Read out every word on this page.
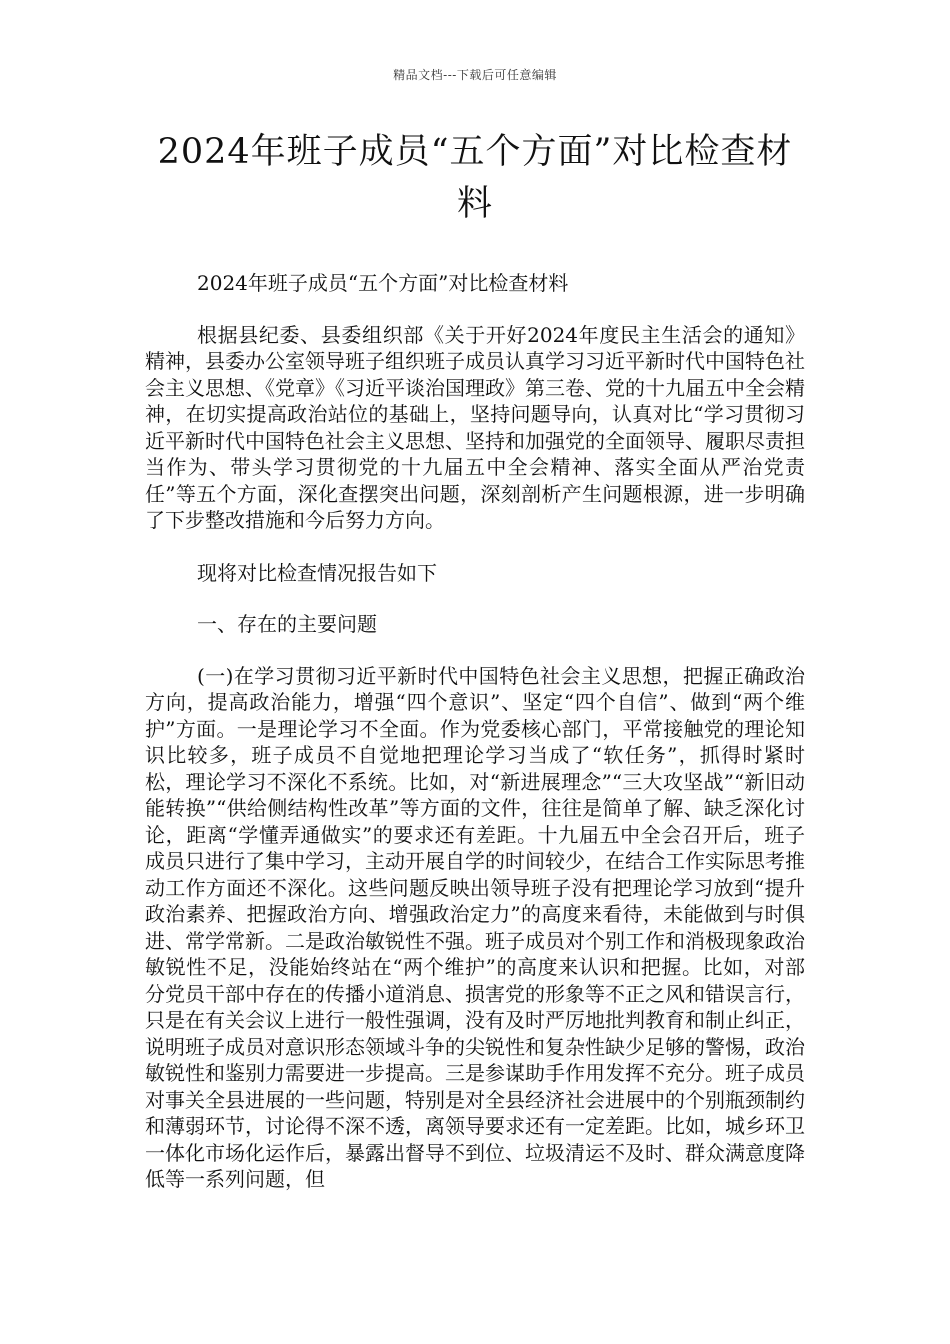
精品文档---下载后可任意编辑
2024年班子成员“五个方面”对比检查材料

2024年班子成员“五个方面”对比检查材料

根据县纪委、县委组织部《关于开好2024年度民主生活会的通知》精神，县委办公室领导班子组织班子成员认真学习习近平新时代中国特色社会主义思想、《党章》《习近平谈治国理政》第三卷、党的十九届五中全会精神，在切实提高政治站位的基础上，坚持问题导向，认真对比“学习贯彻习近平新时代中国特色社会主义思想、坚持和加强党的全面领导、履职尽责担当作为、带头学习贯彻党的十九届五中全会精神、落实全面从严治党责任”等五个方面，深化查摆突出问题，深刻剖析产生问题根源，进一步明确了下步整改措施和今后努力方向。

现将对比检查情况报告如下

一、存在的主要问题

(一)在学习贯彻习近平新时代中国特色社会主义思想，把握正确政治方向，提高政治能力，增强“四个意识”、坚定“四个自信”、做到“两个维护”方面。一是理论学习不全面。作为党委核心部门，平常接触党的理论知识比较多，班子成员不自觉地把理论学习当成了“软任务”，抓得时紧时松，理论学习不深化不系统。比如，对“新进展理念”“三大攻坚战”“新旧动能转换”“供给侧结构性改革”等方面的文件，往往是简单了解、缺乏深化讨论，距离“学懂弄通做实”的要求还有差距。十九届五中全会召开后，班子成员只进行了集中学习，主动开展自学的时间较少，在结合工作实际思考推动工作方面还不深化。这些问题反映出领导班子没有把理论学习放到“提升政治素养、把握政治方向、增强政治定力”的高度来看待，未能做到与时俱进、常学常新。二是政治敏锐性不强。班子成员对个别工作和消极现象政治敏锐性不足，没能始终站在“两个维护”的高度来认识和把握。比如，对部分党员干部中存在的传播小道消息、损害党的形象等不正之风和错误言行，只是在有关会议上进行一般性强调，没有及时严厉地批判教育和制止纠正，说明班子成员对意识形态领域斗争的尖锐性和复杂性缺少足够的警惕，政治敏锐性和鉴别力需要进一步提高。三是参谋助手作用发挥不充分。班子成员对事关全县进展的一些问题，特别是对全县经济社会进展中的个别瓶颈制约和薄弱环节，讨论得不深不透，离领导要求还有一定差距。比如，城乡环卫一体化市场化运作后，暴露出督导不到位、垃圾清运不及时、群众满意度降低等一系列问题，但
